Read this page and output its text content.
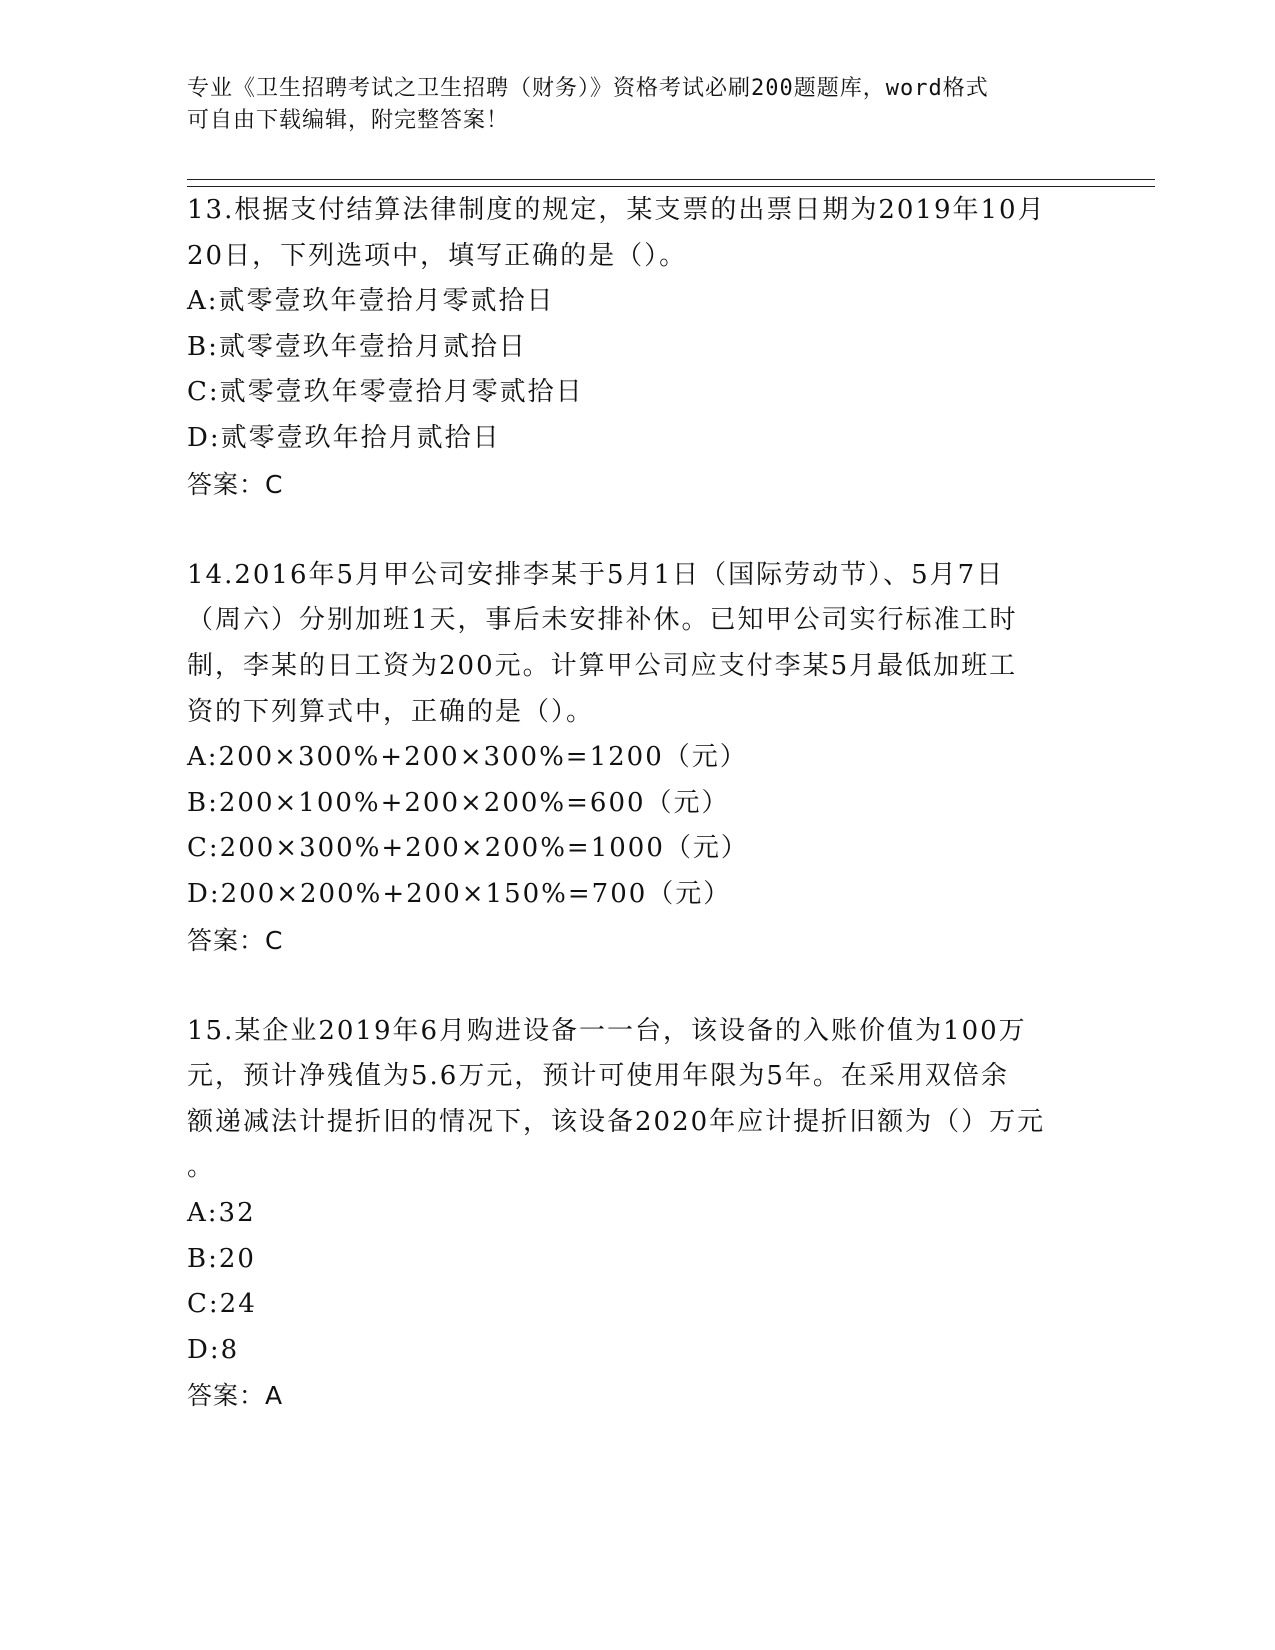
专业《卫生招聘考试之卫生招聘（财务）》资格考试必刷200题题库，word格式
可自由下载编辑，附完整答案！

13.根据支付结算法律制度的规定，某支票的出票日期为2019年10月

20日，下列选项中，填写正确的是（）。

A:贰零壹玖年壹拾月零贰拾日

B:贰零壹玖年壹拾月贰拾日

C:贰零壹玖年零壹拾月零贰拾日

D:贰零壹玖年拾月贰拾日

答案：C

14.2016年5月甲公司安排李某于5月1日（国际劳动节）、5月7日

（周六）分别加班1天，事后未安排补休。已知甲公司实行标准工时

制，李某的日工资为200元。计算甲公司应支付李某5月最低加班工

资的下列算式中，正确的是（）。

A:200×300%+200×300%=1200（元）

B:200×100%+200×200%=600（元）

C:200×300%+200×200%=1000（元）

D:200×200%+200×150%=700（元）

答案：C

15.某企业2019年6月购进设备一一台，该设备的入账价值为100万

元，预计净残值为5.6万元，预计可使用年限为5年。在采用双倍余

额递减法计提折旧的情况下，该设备2020年应计提折旧额为（）万元

。

A:32

B:20

C:24

D:8

答案：A
